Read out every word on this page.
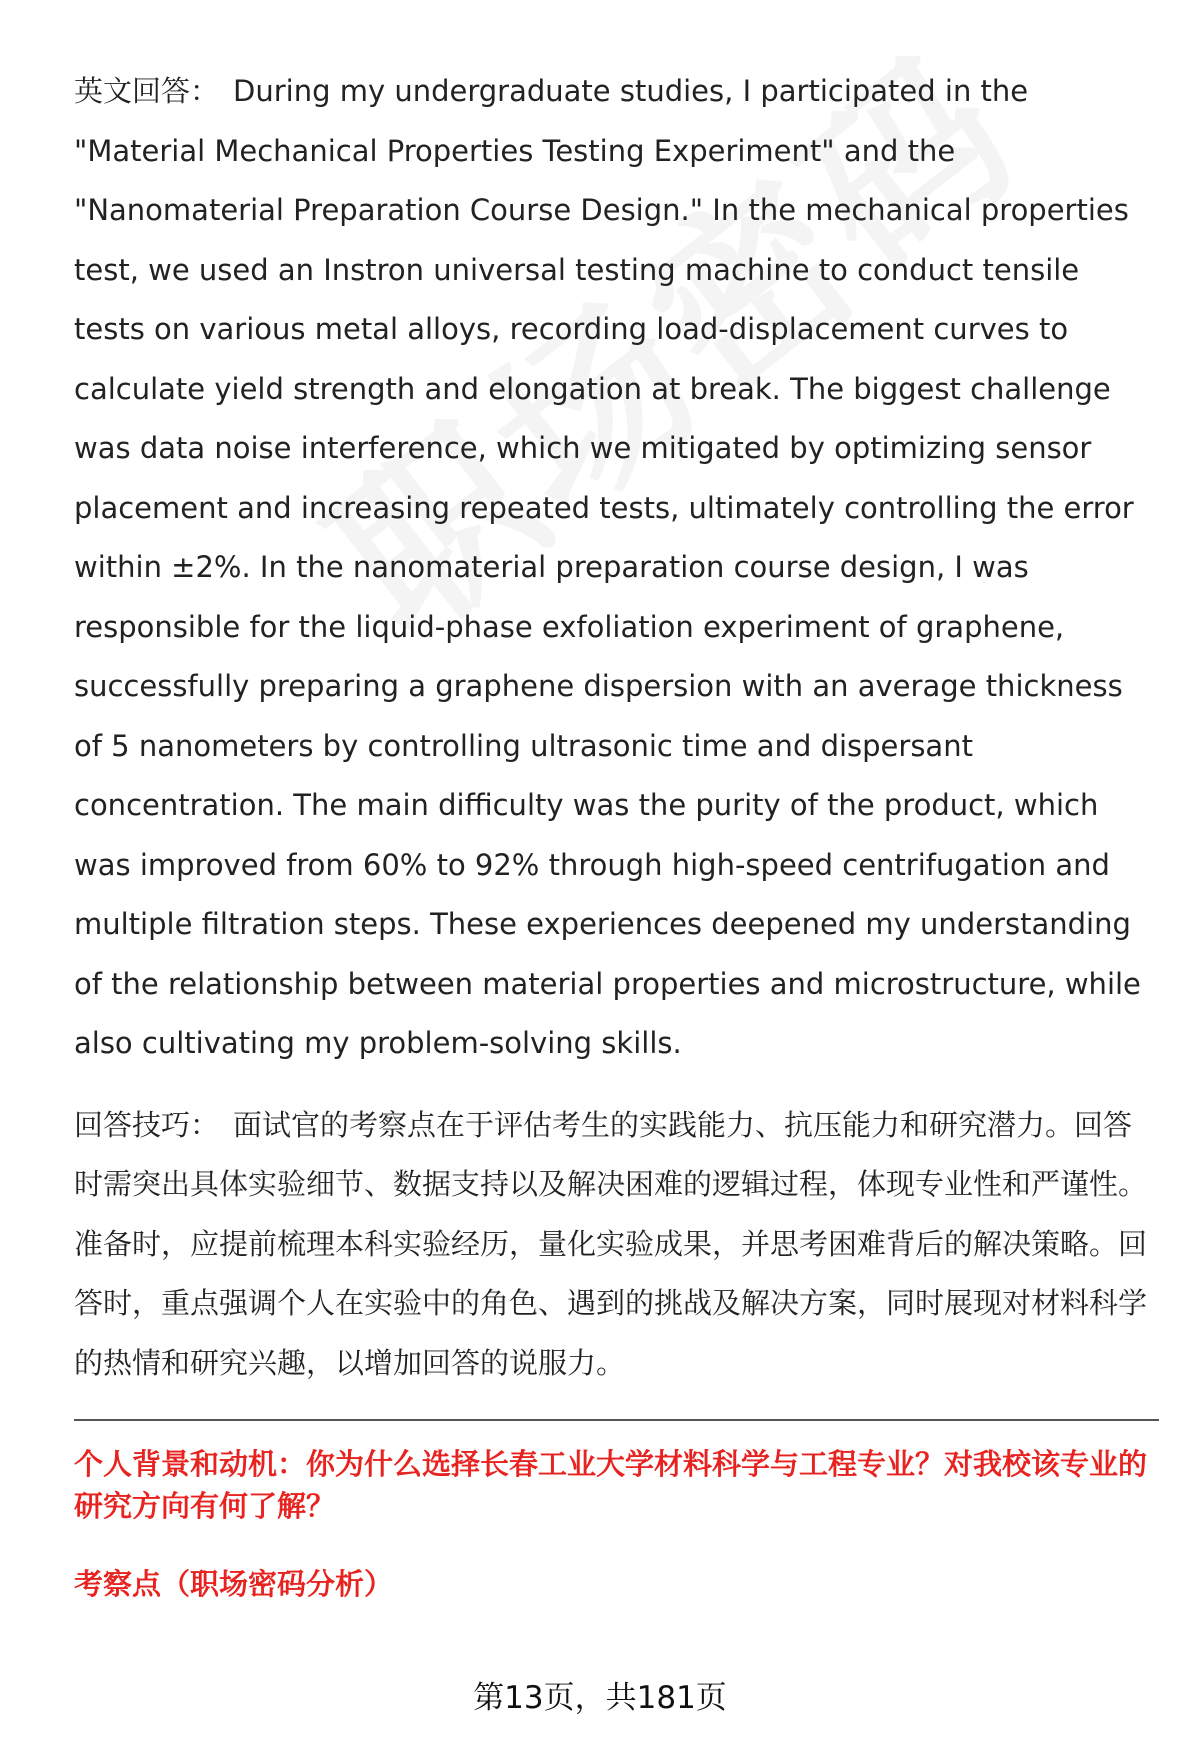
英文回答： During my undergraduate studies, I participated in the "Material Mechanical Properties Testing Experiment" and the "Nanomaterial Preparation Course Design." In the mechanical properties test, we used an Instron universal testing machine to conduct tensile tests on various metal alloys, recording load-displacement curves to calculate yield strength and elongation at break. The biggest challenge was data noise interference, which we mitigated by optimizing sensor placement and increasing repeated tests, ultimately controlling the error within ±2%. In the nanomaterial preparation course design, I was responsible for the liquid-phase exfoliation experiment of graphene, successfully preparing a graphene dispersion with an average thickness of 5 nanometers by controlling ultrasonic time and dispersant concentration. The main difficulty was the purity of the product, which was improved from 60% to 92% through high-speed centrifugation and multiple filtration steps. These experiences deepened my understanding of the relationship between material properties and microstructure, while also cultivating my problem-solving skills.

回答技巧： 面试官的考察点在于评估考生的实践能力、抗压能力和研究潜力。回答时需突出具体实验细节、数据支持以及解决困难的逻辑过程，体现专业性和严谨性。准备时，应提前梳理本科实验经历，量化实验成果，并思考困难背后的解决策略。回答时，重点强调个人在实验中的角色、遇到的挑战及解决方案，同时展现对材料科学的热情和研究兴趣，以增加回答的说服力。

个人背景和动机：你为什么选择长春工业大学材料科学与工程专业？对我校该专业的研究方向有何了解？

考察点（职场密码分析）

第13页，共181页
